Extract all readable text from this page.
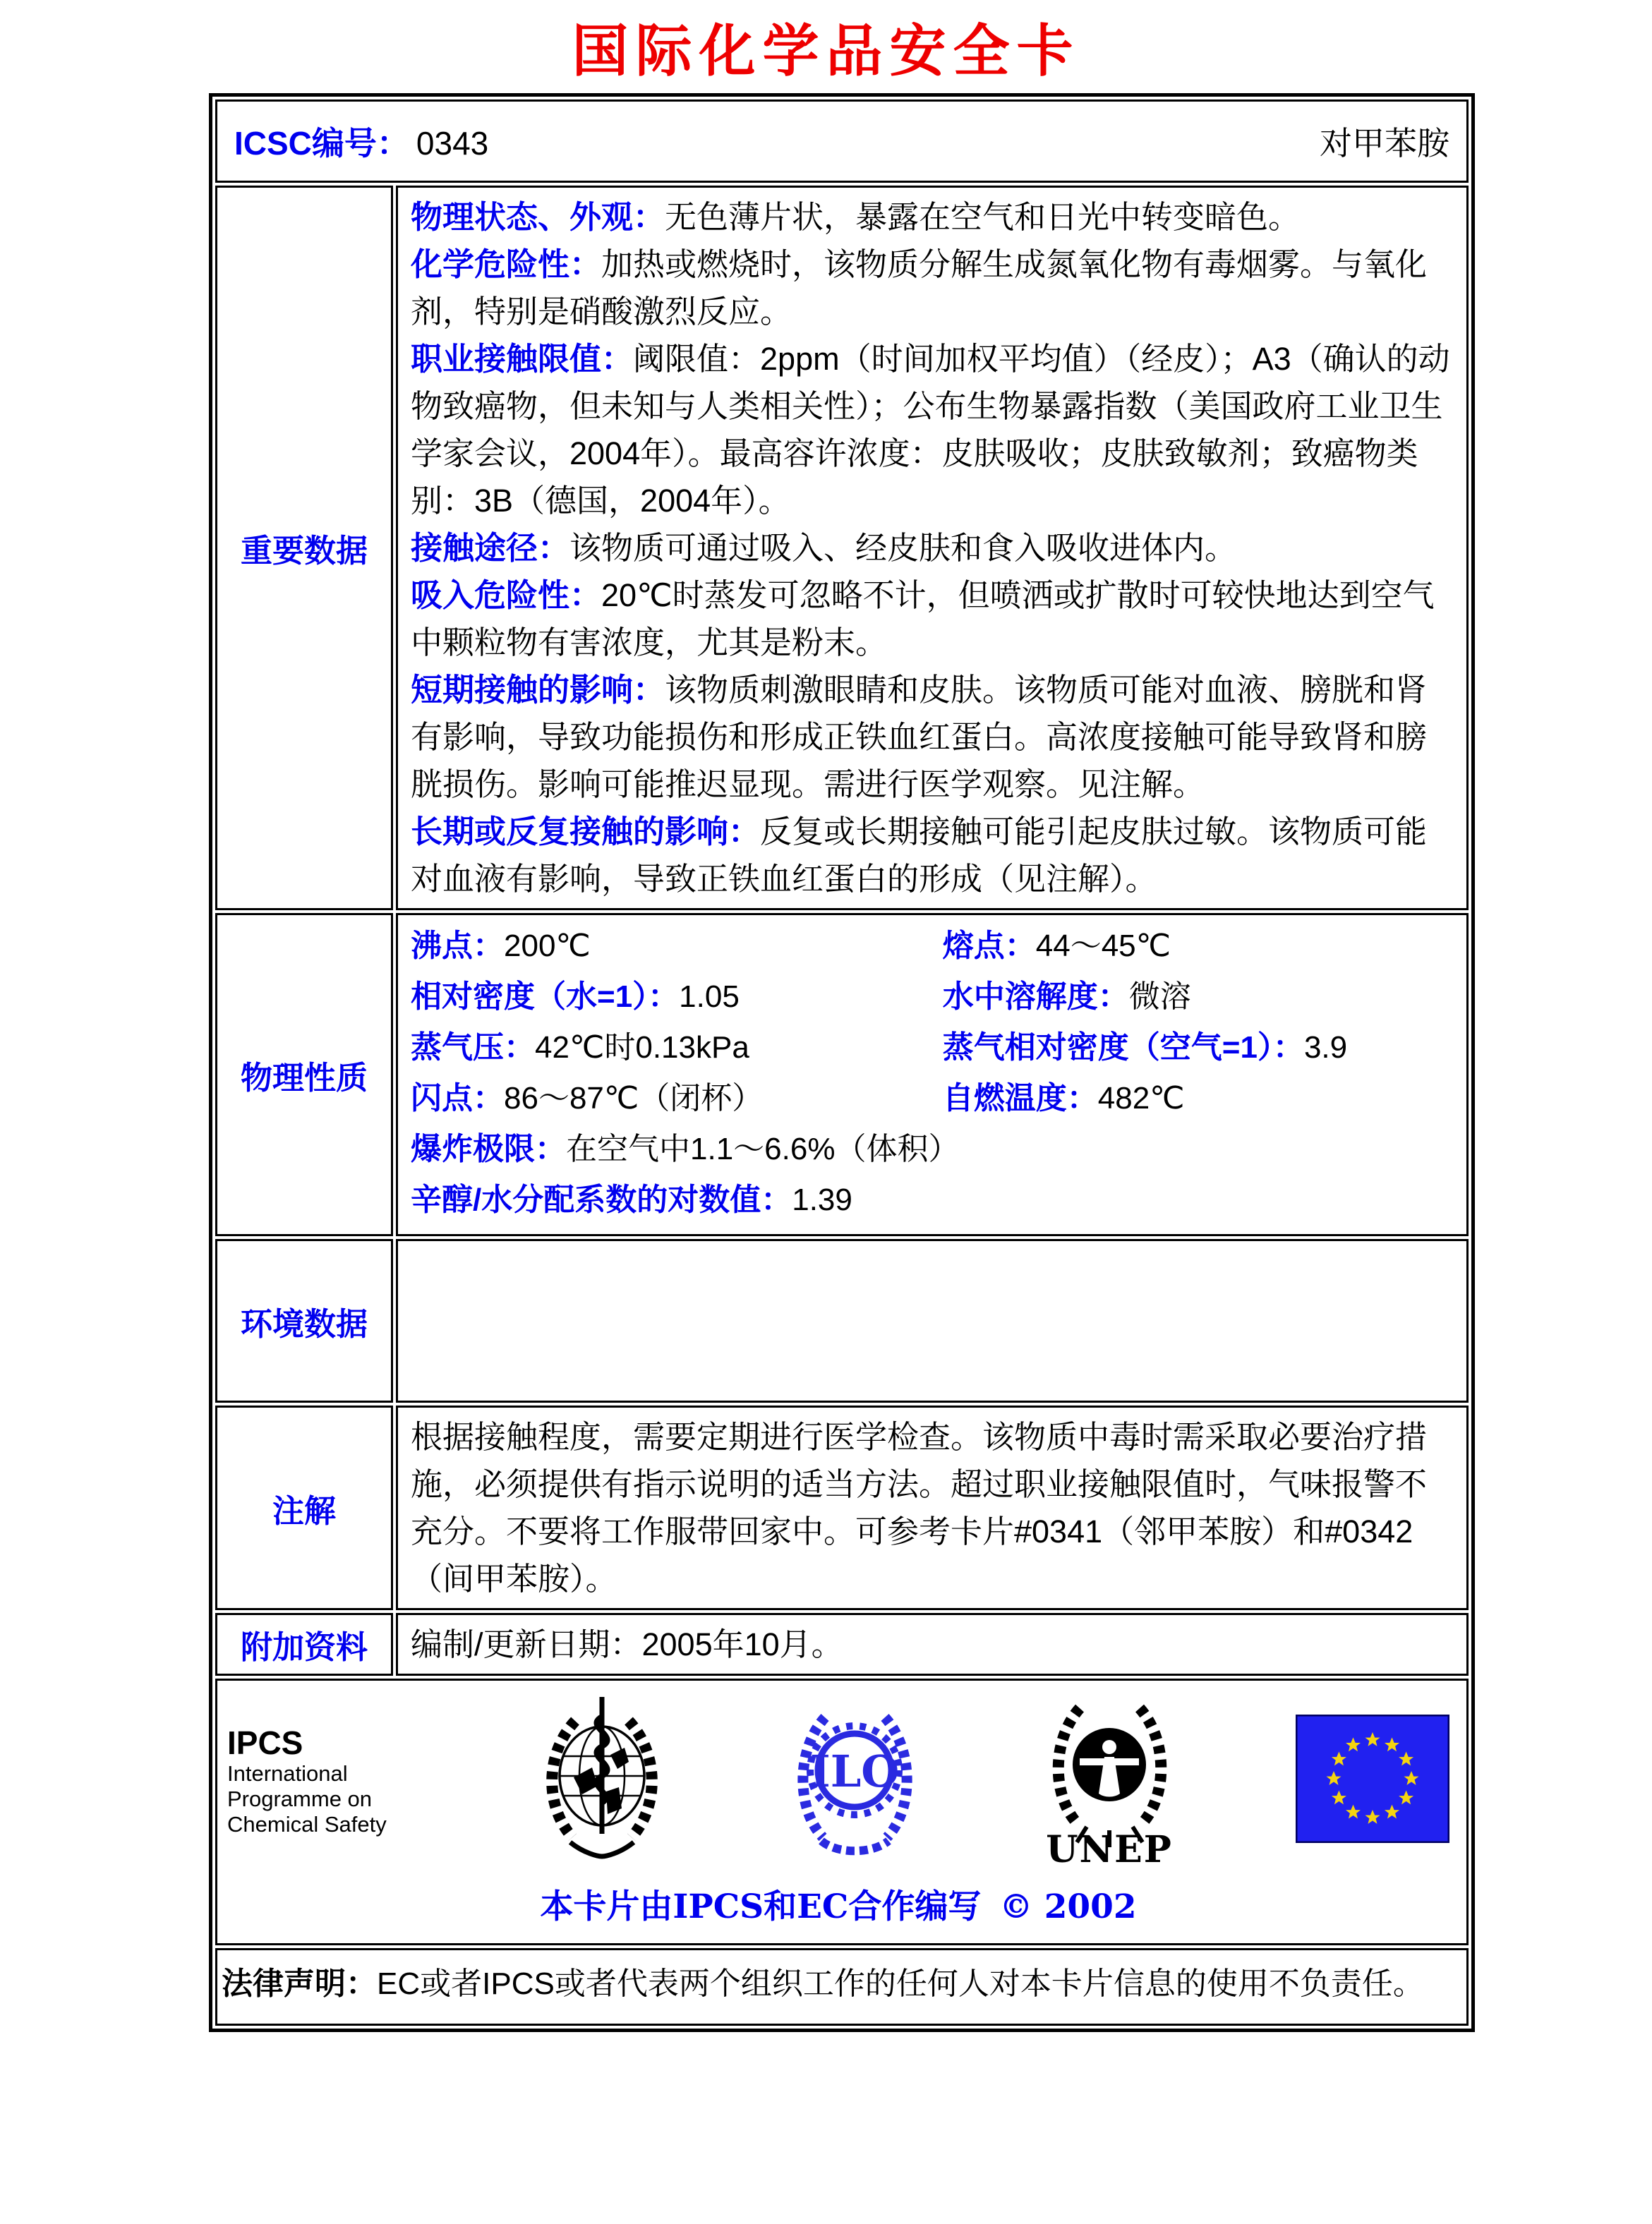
国际化学品安全卡
ICSC编号： 0343 对甲苯胺	

重要数据	
物理状态、外观：无色薄片状，暴露在空气和日光中转变暗色。
化学危险性：加热或燃烧时，该物质分解生成氮氧化物有毒烟雾。与氧化剂，特别是硝酸激烈反应。
职业接触限值：阈限值：2ppm（时间加权平均值）（经皮）；A3（确认的动物致癌物，但未知与人类相关性）；公布生物暴露指数（美国政府工业卫生学家会议，2004年）。最高容许浓度：皮肤吸收；皮肤致敏剂；致癌物类别：3B（德国，2004年）。
接触途径：该物质可通过吸入、经皮肤和食入吸收进体内。
吸入危险性：20℃时蒸发可忽略不计，但喷洒或扩散时可较快地达到空气中颗粒物有害浓度，尤其是粉末。
短期接触的影响：该物质刺激眼睛和皮肤。该物质可能对血液、膀胱和肾有影响，导致功能损伤和形成正铁血红蛋白。高浓度接触可能导致肾和膀胱损伤。影响可能推迟显现。需进行医学观察。见注解。
长期或反复接触的影响：反复或长期接触可能引起皮肤过敏。该物质可能对血液有影响，导致正铁血红蛋白的形成（见注解）。

物理性质	
沸点：200℃	熔点：44～45℃
相对密度（水=1）：1.05	水中溶解度：微溶
蒸气压：42℃时0.13kPa	蒸气相对密度（空气=1）：3.9
闪点：86～87℃（闭杯）	自燃温度：482℃
爆炸极限：在空气中1.1～6.6%（体积）
辛醇/水分配系数的对数值：1.39

环境数据	

注解	根据接触程度，需要定期进行医学检查。该物质中毒时需采取必要治疗措施，必须提供有指示说明的适当方法。超过职业接触限值时，气味报警不充分。不要将工作服带回家中。可参考卡片#0341（邻甲苯胺）和#0342（间甲苯胺）。

附加资料	编制/更新日期：2005年10月。

IPCS
International
Programme on
Chemical Safety
ILO
UNEP
本卡片由IPCS和EC合作编写 © 2002

法律声明：EC或者IPCS或者代表两个组织工作的任何人对本卡片信息的使用不负责任。	
